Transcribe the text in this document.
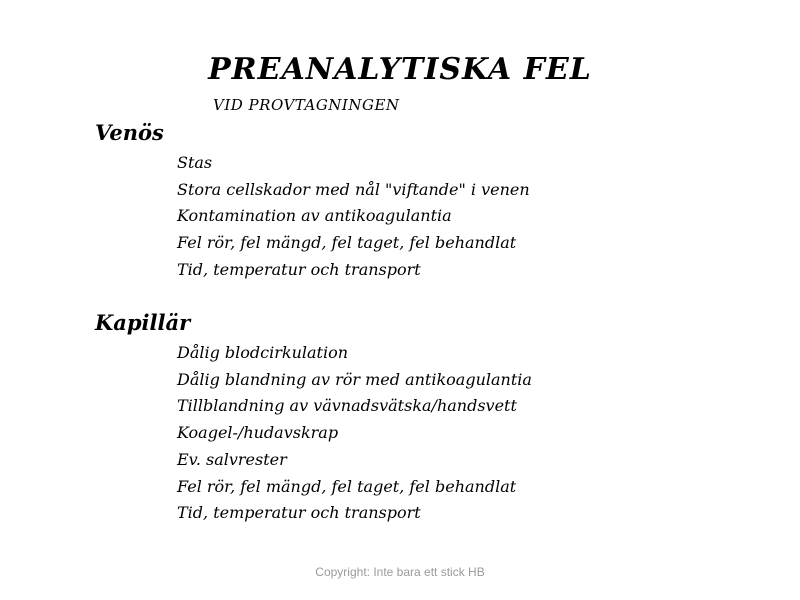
PREANALYTISKA FEL
VID PROVTAGNINGEN
Venös
Stas
Stora cellskador med nål "viftande" i venen
Kontamination av antikoagulantia
Fel rör, fel mängd, fel taget, fel behandlat
Tid, temperatur och transport
Kapillär
Dålig blodcirkulation
Dålig blandning av rör med antikoagulantia
Tillblandning av vävnadsvätska/handsvett
Koagel-/hudavskrap
Ev. salvrester
Fel rör, fel mängd, fel taget, fel behandlat
Tid, temperatur och transport
Copyright: Inte bara ett stick HB
